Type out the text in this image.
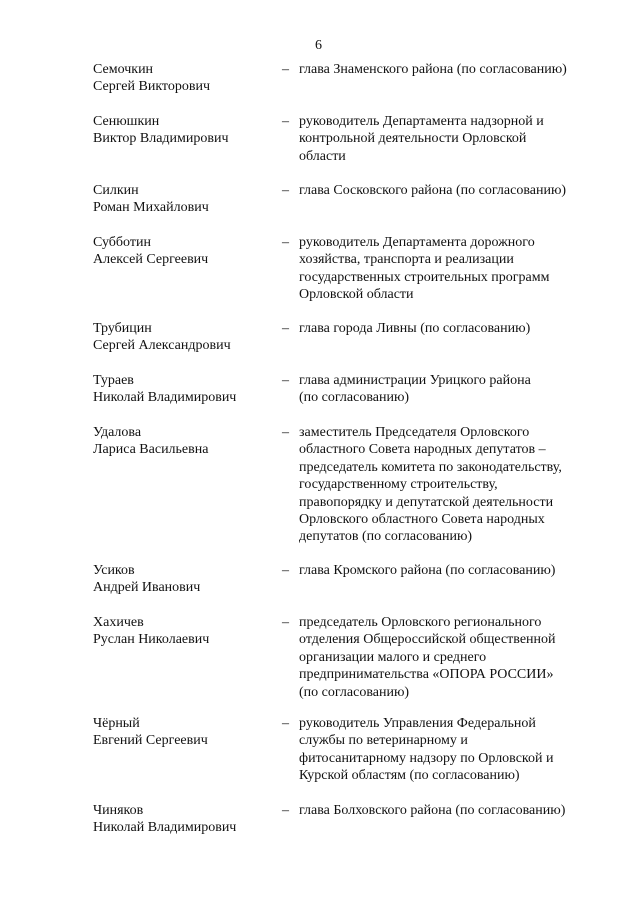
6
Семочкин
Сергей Викторович
– глава Знаменского района (по согласованию)
Сенюшкин
Виктор Владимирович
– руководитель Департамента надзорной и
контрольной деятельности Орловской
области
Силкин
Роман Михайлович
– глава Сосковского района (по согласованию)
Субботин
Алексей Сергеевич
– руководитель Департамента дорожного
хозяйства, транспорта и реализации
государственных строительных программ
Орловской области
Трубицин
Сергей Александрович
– глава города Ливны (по согласованию)
Тураев
Николай Владимирович
– глава администрации Урицкого района
(по согласованию)
Удалова
Лариса Васильевна
– заместитель Председателя Орловского
областного Совета народных депутатов –
председатель комитета по законодательству,
государственному строительству,
правопорядку и депутатской деятельности
Орловского областного Совета народных
депутатов (по согласованию)
Усиков
Андрей Иванович
– глава Кромского района (по согласованию)
Хахичев
Руслан Николаевич
– председатель Орловского регионального
отделения Общероссийской общественной
организации малого и среднего
предпринимательства «ОПОРА РОССИИ»
(по согласованию)
Чёрный
Евгений Сергеевич
– руководитель Управления Федеральной
службы по ветеринарному и
фитосанитарному надзору по Орловской и
Курской областям (по согласованию)
Чиняков
Николай Владимирович
– глава Болховского района (по согласованию)
